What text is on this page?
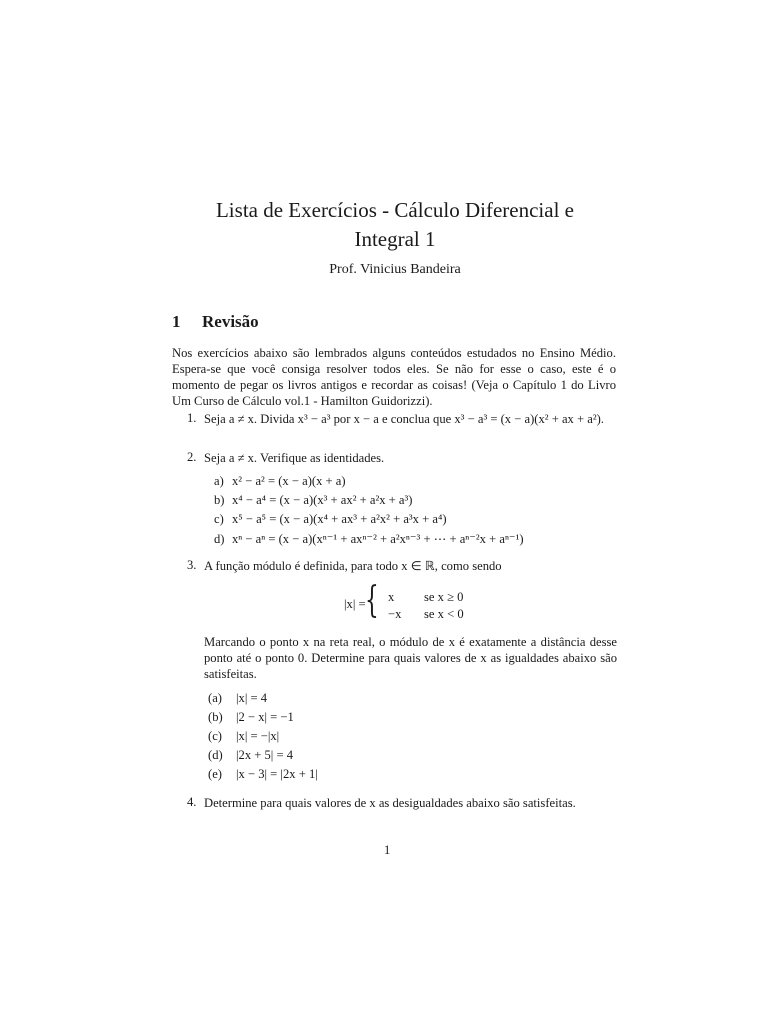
Lista de Exercícios - Cálculo Diferencial e
Integral 1
Prof. Vinicius Bandeira
1 Revisão
Nos exercícios abaixo são lembrados alguns conteúdos estudados no Ensino Médio. Espera-se que você consiga resolver todos eles. Se não for esse o caso, este é o momento de pegar os livros antigos e recordar as coisas! (Veja o Capítulo 1 do Livro Um Curso de Cálculo vol.1 - Hamilton Guidorizzi).
1. Seja a ≠ x. Divida x³ − a³ por x − a e conclua que x³ − a³ = (x − a)(x² + ax + a²).
2. Seja a ≠ x. Verifique as identidades.
a) x² − a² = (x − a)(x + a)
b) x⁴ − a⁴ = (x − a)(x³ + ax² + a²x + a³)
c) x⁵ − a⁵ = (x − a)(x⁴ + ax³ + a²x² + a³x + a⁴)
d) xⁿ − aⁿ = (x − a)(xⁿ⁻¹ + axⁿ⁻² + a²xⁿ⁻³ + ⋯ + aⁿ⁻²x + aⁿ⁻¹)
3. A função módulo é definida, para todo x ∈ ℝ, como sendo
|x| = { x se x ≥ 0
−x se x < 0
Marcando o ponto x na reta real, o módulo de x é exatamente a distância desse ponto até o ponto 0. Determine para quais valores de x as igualdades abaixo são satisfeitas.
(a) |x| = 4
(b) |2 − x| = −1
(c) |x| = −|x|
(d) |2x + 5| = 4
(e) |x − 3| = |2x + 1|
4. Determine para quais valores de x as desigualdades abaixo são satisfeitas.
1
